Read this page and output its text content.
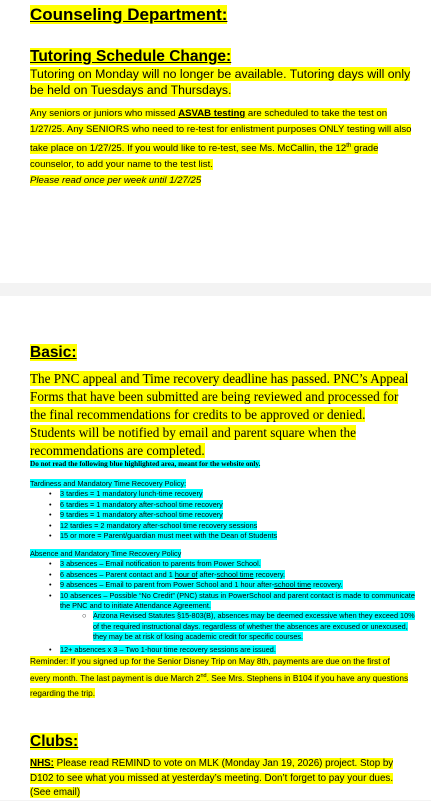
Counseling Department:
Tutoring Schedule Change:
Tutoring on Monday will no longer be available. Tutoring days will only be held on Tuesdays and Thursdays.
Any seniors or juniors who missed ASVAB testing are scheduled to take the test on 1/27/25. Any SENIORS who need to re-test for enlistment purposes ONLY testing will also take place on 1/27/25. If you would like to re-test, see Ms. McCallin, the 12th grade counselor, to add your name to the test list.
Please read once per week until 1/27/25
Basic:
The PNC appeal and Time recovery deadline has passed. PNC’s Appeal Forms that have been submitted are being reviewed and processed for the final recommendations for credits to be approved or denied. Students will be notified by email and parent square when the recommendations are completed.
Do not read the following blue highlighted area, meant for the website only.
Tardiness and Mandatory Time Recovery Policy:
• 3 tardies = 1 mandatory lunch-time recovery
• 6 tardies = 1 mandatory after-school time recovery
• 9 tardies = 1 mandatory after-school time recovery
• 12 tardies = 2 mandatory after-school time recovery sessions
• 15 or more = Parent/guardian must meet with the Dean of Students
Absence and Mandatory Time Recovery Policy
• 3 absences – Email notification to parents from Power School.
• 6 absences – Parent contact and 1 hour of after-school time recovery.
• 9 absences – Email to parent from Power School and 1 hour after-school time recovery.
• 10 absences – Possible “No Credit” (PNC) status in PowerSchool and parent contact is made to communicate the PNC and to initiate Attendance Agreement.
○ Arizona Revised Statutes §15-803(B), absences may be deemed excessive when they exceed 10% of the required instructional days. regardless of whether the absences are excused or unexcused, they may be at risk of losing academic credit for specific courses.
• 12+ absences x 3 – Two 1-hour time recovery sessions are issued.
Reminder: If you signed up for the Senior Disney Trip on May 8th, payments are due on the first of every month. The last payment is due March 2nd. See Mrs. Stephens in B104 if you have any questions regarding the trip.
Clubs:
NHS: Please read REMIND to vote on MLK (Monday Jan 19, 2026) project. Stop by D102 to see what you missed at yesterday’s meeting. Don’t forget to pay your dues. (See email)
